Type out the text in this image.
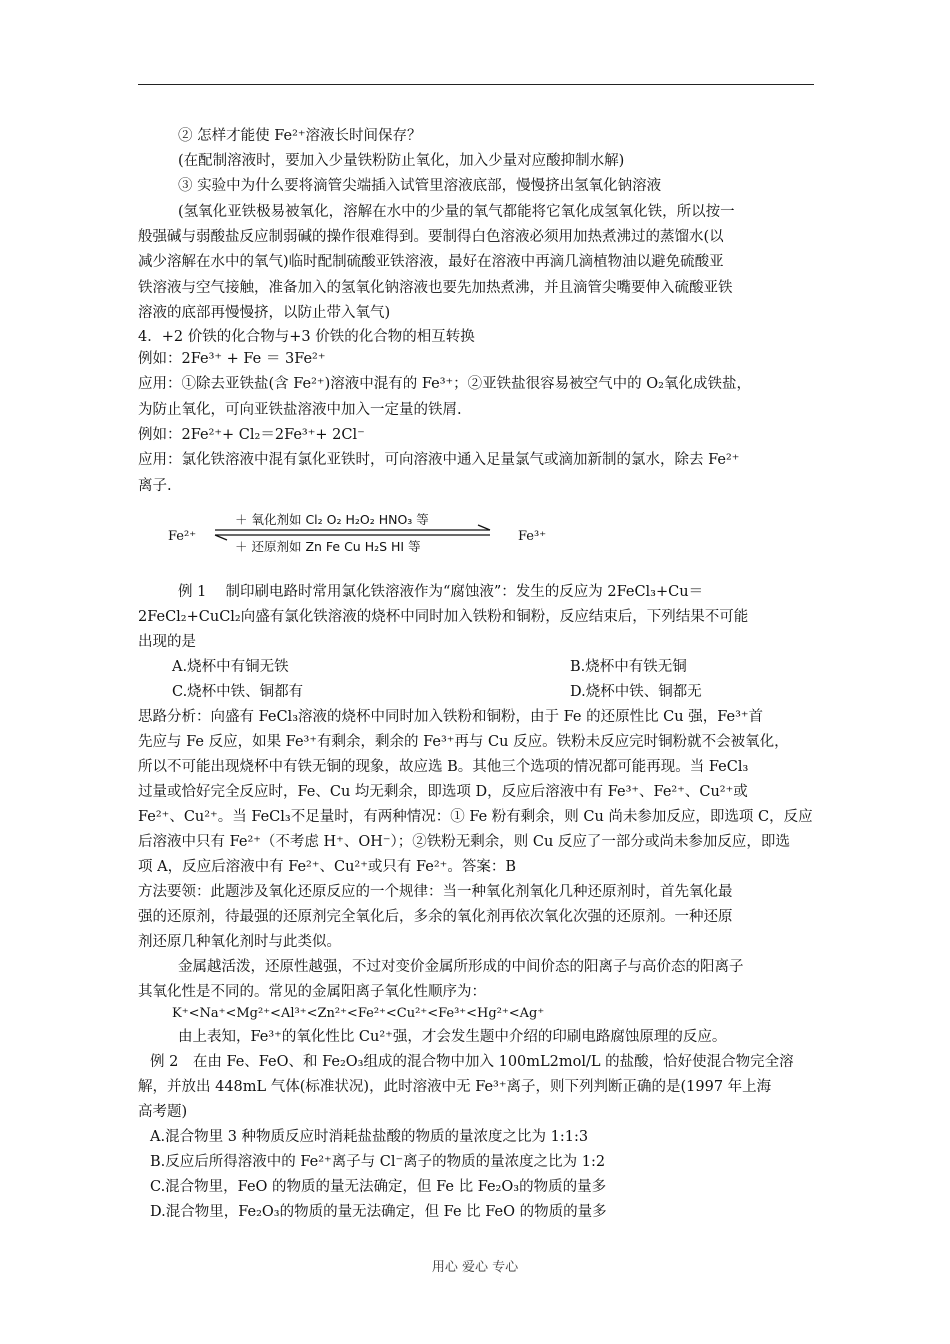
② 怎样才能使 Fe²⁺溶液长时间保存？
(在配制溶液时，要加入少量铁粉防止氧化，加入少量对应酸抑制水解)
③ 实验中为什么要将滴管尖端插入试管里溶液底部，慢慢挤出氢氧化钠溶液
(氢氧化亚铁极易被氧化，溶解在水中的少量的氧气都能将它氧化成氢氧化铁，所以按一
般强碱与弱酸盐反应制弱碱的操作很难得到。要制得白色溶液必须用加热煮沸过的蒸馏水(以
减少溶解在水中的氧气)临时配制硫酸亚铁溶液，最好在溶液中再滴几滴植物油以避免硫酸亚
铁溶液与空气接触，准备加入的氢氧化钠溶液也要先加热煮沸，并且滴管尖嘴要伸入硫酸亚铁
溶液的底部再慢慢挤，以防止带入氧气)
4．+2 价铁的化合物与+3 价铁的化合物的相互转换
例如：2Fe³⁺ + Fe ＝ 3Fe²⁺
应用：①除去亚铁盐(含 Fe²⁺)溶液中混有的 Fe³⁺；②亚铁盐很容易被空气中的 O₂氧化成铁盐，
为防止氧化，可向亚铁盐溶液中加入一定量的铁屑.
例如：2Fe²⁺+ Cl₂＝2Fe³⁺+ 2Cl⁻
应用：氯化铁溶液中混有氯化亚铁时，可向溶液中通入足量氯气或滴加新制的氯水，除去 Fe²⁺
离子.
Fe²⁺
＋ 氧化剂如 Cl₂ O₂ H₂O₂ HNO₃ 等
＋ 还原剂如 Zn Fe Cu H₂S HI 等
Fe³⁺
例 1　 制印刷电路时常用氯化铁溶液作为“腐蚀液”：发生的反应为 2FeCl₃+Cu＝
2FeCl₂+CuCl₂向盛有氯化铁溶液的烧杯中同时加入铁粉和铜粉，反应结束后，下列结果不可能
出现的是
A.烧杯中有铜无铁	B.烧杯中有铁无铜
C.烧杯中铁、铜都有	D.烧杯中铁、铜都无
思路分析：向盛有 FeCl₃溶液的烧杯中同时加入铁粉和铜粉，由于 Fe 的还原性比 Cu 强，Fe³⁺首
先应与 Fe 反应，如果 Fe³⁺有剩余，剩余的 Fe³⁺再与 Cu 反应。铁粉未反应完时铜粉就不会被氧化，
所以不可能出现烧杯中有铁无铜的现象，故应选 B。其他三个选项的情况都可能再现。当 FeCl₃
过量或恰好完全反应时，Fe、Cu 均无剩余，即选项 D，反应后溶液中有 Fe³⁺、Fe²⁺、Cu²⁺或
Fe²⁺、Cu²⁺。当 FeCl₃不足量时，有两种情况：① Fe 粉有剩余，则 Cu 尚未参加反应，即选项 C，反应
后溶液中只有 Fe²⁺（不考虑 H⁺、OH⁻）；②铁粉无剩余，则 Cu 反应了一部分或尚未参加反应，即选
项 A，反应后溶液中有 Fe²⁺、Cu²⁺或只有 Fe²⁺。答案：B
方法要领：此题涉及氧化还原反应的一个规律：当一种氧化剂氧化几种还原剂时，首先氧化最
强的还原剂，待最强的还原剂完全氧化后，多余的氧化剂再依次氧化次强的还原剂。一种还原
剂还原几种氧化剂时与此类似。
金属越活泼，还原性越强，不过对变价金属所形成的中间价态的阳离子与高价态的阳离子
其氧化性是不同的。常见的金属阳离子氧化性顺序为：
K⁺<Na⁺<Mg²⁺<Al³⁺<Zn²⁺<Fe²⁺<Cu²⁺<Fe³⁺<Hg²⁺<Ag⁺
由上表知，Fe³⁺的氧化性比 Cu²⁺强，才会发生题中介绍的印刷电路腐蚀原理的反应。
例 2　在由 Fe、FeO、和 Fe₂O₃组成的混合物中加入 100mL2mol/L 的盐酸，恰好使混合物完全溶
解，并放出 448mL 气体(标准状况)，此时溶液中无 Fe³⁺离子，则下列判断正确的是(1997 年上海
高考题)
A.混合物里 3 种物质反应时消耗盐盐酸的物质的量浓度之比为 1:1:3
B.反应后所得溶液中的 Fe²⁺离子与 Cl⁻离子的物质的量浓度之比为 1:2
C.混合物里，FeO 的物质的量无法确定，但 Fe 比 Fe₂O₃的物质的量多
D.混合物里，Fe₂O₃的物质的量无法确定，但 Fe 比 FeO 的物质的量多
用心 爱心 专心
